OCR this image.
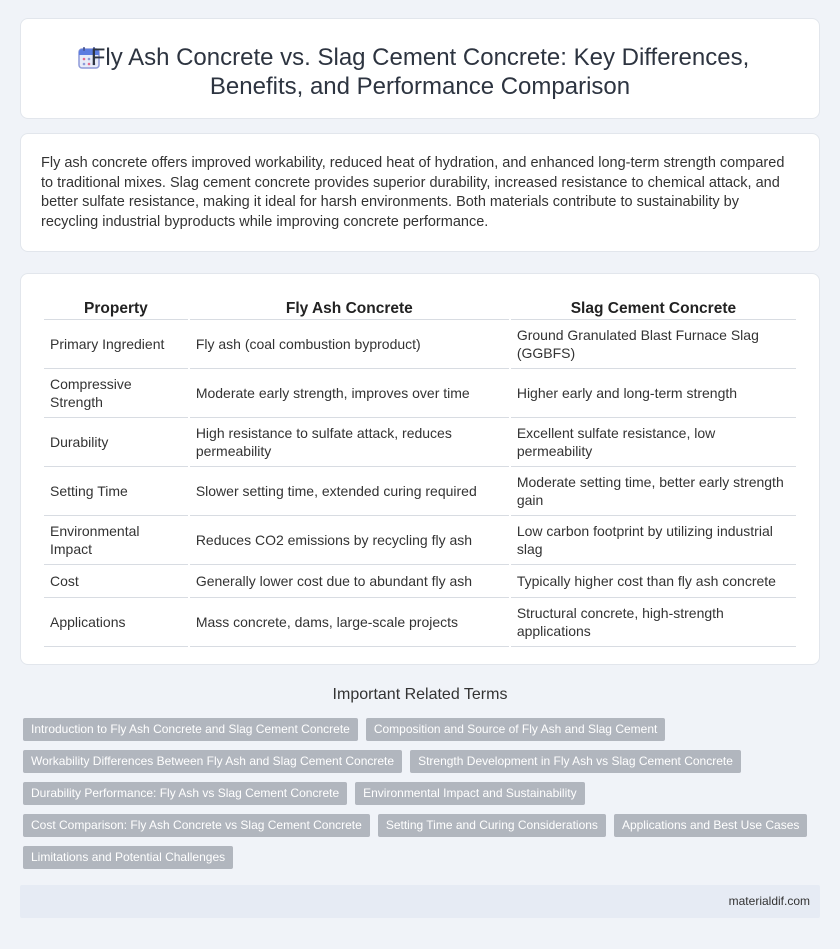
Fly Ash Concrete vs. Slag Cement Concrete: Key Differences, Benefits, and Performance Comparison

Fly ash concrete offers improved workability, reduced heat of hydration, and enhanced long-term strength compared to traditional mixes. Slag cement concrete provides superior durability, increased resistance to chemical attack, and better sulfate resistance, making it ideal for harsh environments. Both materials contribute to sustainability by recycling industrial byproducts while improving concrete performance.

Property	Fly Ash Concrete	Slag Cement Concrete
Primary Ingredient	Fly ash (coal combustion byproduct)	Ground Granulated Blast Furnace Slag (GGBFS)
Compressive Strength	Moderate early strength, improves over time	Higher early and long-term strength
Durability	High resistance to sulfate attack, reduces permeability	Excellent sulfate resistance, low permeability
Setting Time	Slower setting time, extended curing required	Moderate setting time, better early strength gain
Environmental Impact	Reduces CO2 emissions by recycling fly ash	Low carbon footprint by utilizing industrial slag
Cost	Generally lower cost due to abundant fly ash	Typically higher cost than fly ash concrete
Applications	Mass concrete, dams, large-scale projects	Structural concrete, high-strength applications
Important Related Terms
Introduction to Fly Ash Concrete and Slag Cement Concrete	Composition and Source of Fly Ash and Slag Cement
Workability Differences Between Fly Ash and Slag Cement Concrete	Strength Development in Fly Ash vs Slag Cement Concrete
Durability Performance: Fly Ash vs Slag Cement Concrete	Environmental Impact and Sustainability
Cost Comparison: Fly Ash Concrete vs Slag Cement Concrete	Setting Time and Curing Considerations	Applications and Best Use Cases
Limitations and Potential Challenges
materialdif.com
